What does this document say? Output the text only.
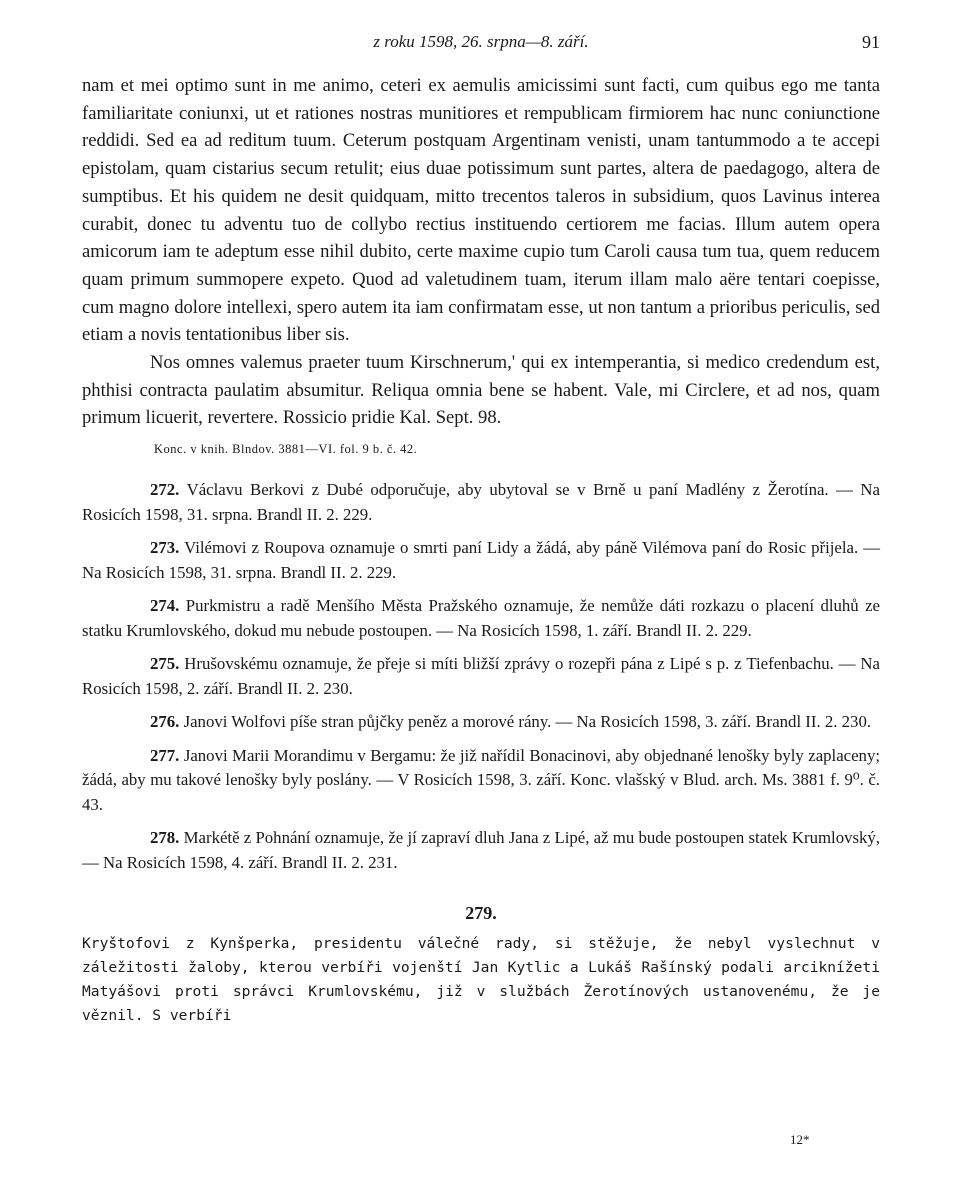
z roku 1598, 26. srpna—8. září.	91

nam et mei optimo sunt in me animo, ceteri ex aemulis amicissimi sunt facti, cum quibus ego me tanta familiaritate coniunxi, ut et rationes nostras munitiores et rempublicam firmiorem hac nunc coniunctione reddidi. Sed ea ad reditum tuum. Ceterum postquam Argentinam venisti, unam tantummodo a te accepi epistolam, quam cistarius secum retulit; eius duae potissimum sunt partes, altera de paedagogo, altera de sumptibus. Et his quidem ne desit quidquam, mitto trecentos taleros in subsidium, quos Lavinus interea curabit, donec tu adventu tuo de collybo rectius instituendo certiorem me facias. Illum autem opera amicorum iam te adeptum esse nihil dubito, certe maxime cupio tum Caroli causa tum tua, quem reducem quam primum summopere expeto. Quod ad valetudinem tuam, iterum illam malo aëre tentari coepisse, cum magno dolore intellexi, spero autem ita iam confirmatam esse, ut non tantum a prioribus periculis, sed etiam a novis tentationibus liber sis.

Nos omnes valemus praeter tuum Kirschnerum,' qui ex intemperantia, si medico credendum est, phthisi contracta paulatim absumitur. Reliqua omnia bene se habent. Vale, mi Circlere, et ad nos, quam primum licuerit, revertere. Rossicio pridie Kal. Sept. 98.

Konc. v knih. Blndov. 3881—VI. fol. 9 b. č. 42.

272. Václavu Berkovi z Dubé odporučuje, aby ubytoval se v Brně u paní Madlény z Žerotína. — Na Rosicích 1598, 31. srpna. Brandl II. 2. 229.

273. Vilémovi z Roupova oznamuje o smrti paní Lidy a žádá, aby páně Vilémova paní do Rosic přijela. — Na Rosicích 1598, 31. srpna. Brandl II. 2. 229.

274. Purkmistru a radě Menšího Města Pražského oznamuje, že nemůže dáti rozkazu o placení dluhů ze statku Krumlovského, dokud mu nebude postoupen. — Na Rosicích 1598, 1. září. Brandl II. 2. 229.

275. Hrušovskému oznamuje, že přeje si míti bližší zprávy o rozepři pána z Lipé s p. z Tiefenbachu. — Na Rosicích 1598, 2. září. Brandl II. 2. 230.

276. Janovi Wolfovi píše stran půjčky peněz a morové rány. — Na Rosicích 1598, 3. září. Brandl II. 2. 230.

277. Janovi Marii Morandimu v Bergamu: že již nařídil Bonacinovi, aby objednané lenošky byly zaplaceny; žádá, aby mu takové lenošky byly poslány. — V Rosicích 1598, 3. září. Konc. vlašský v Blud. arch. Ms. 3881 f. 9⁰. č. 43.

278. Markétě z Pohnání oznamuje, že jí zapraví dluh Jana z Lipé, až mu bude postoupen statek Krumlovský, — Na Rosicích 1598, 4. září. Brandl II. 2. 231.

279.

Kryštofovi z Kynšperka, presidentu válečné rady, si stěžuje, že nebyl vyslechnut v záležitosti žaloby, kterou verbíři vojenští Jan Kytlic a Lukáš Rašínský podali arciknížeti Matyášovi proti správci Krumlovskému, již v službách Žerotínových ustanovenému, že je věznil. S verbíři

12*
